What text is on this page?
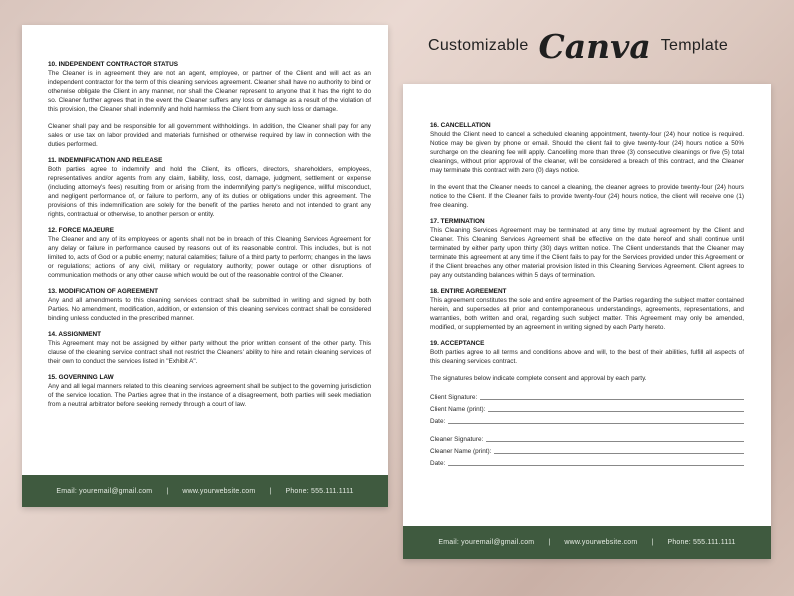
Customizable Canva Template

10. INDEPENDENT CONTRACTOR STATUS

The Cleaner is in agreement they are not an agent, employee, or partner of the Client and will act as an independent contractor for the term of this cleaning services agreement. Cleaner shall have no authority to bind or otherwise obligate the Client in any manner, nor shall the Cleaner represent to anyone that it has the right to do so. Cleaner further agrees that in the event the Cleaner suffers any loss or damage as a result of the violation of this provision, the Cleaner shall indemnify and hold harmless the Client from any such loss or damage.

Cleaner shall pay and be responsible for all government withholdings. In addition, the Cleaner shall pay for any sales or use tax on labor provided and materials furnished or otherwise required by law in connection with the duties performed.

11. INDEMNIFICATION AND RELEASE

Both parties agree to indemnify and hold the Client, its officers, directors, shareholders, employees, representatives and/or agents from any claim, liability, loss, cost, damage, judgment, settlement or expense (including attorney's fees) resulting from or arising from the indemnifying party's negligence, willful misconduct, and negligent performance of, or failure to perform, any of its duties or obligations under this agreement. The provisions of this indemnification are solely for the benefit of the parties hereto and not intended to grant any rights, contractual or otherwise, to another person or entity.

12. FORCE MAJEURE

The Cleaner and any of its employees or agents shall not be in breach of this Cleaning Services Agreement for any delay or failure in performance caused by reasons out of its reasonable control. This includes, but is not limited to, acts of God or a public enemy; natural calamities; failure of a third party to perform; changes in the laws or regulations; actions of any civil, military or regulatory authority; power outage or other disruptions of communication methods or any other cause which would be out of the reasonable control of the Cleaner.

13. MODIFICATION OF AGREEMENT

Any and all amendments to this cleaning services contract shall be submitted in writing and signed by both Parties. No amendment, modification, addition, or extension of this cleaning services contract shall be considered binding unless conducted in the prescribed manner.

14. ASSIGNMENT

This Agreement may not be assigned by either party without the prior written consent of the other party. This clause of the cleaning service contract shall not restrict the Cleaners' ability to hire and retain cleaning services of their own to conduct the services listed in "Exhibit A".

15. GOVERNING LAW

Any and all legal manners related to this cleaning services agreement shall be subject to the governing jurisdiction of the service location. The Parties agree that in the instance of a disagreement, both parties will seek mediation from a neutral arbitrator before seeking remedy through a court of law.

Email: youremail@gmail.com | www.yourwebsite.com | Phone: 555.111.1111

16. CANCELLATION

Should the Client need to cancel a scheduled cleaning appointment, twenty-four (24) hour notice is required. Notice may be given by phone or email. Should the client fail to give twenty-four (24) hours notice a 50% surcharge on the cleaning fee will apply. Cancelling more than three (3) consecutive cleanings or five (5) total cleanings, without prior approval of the cleaner, will be considered a breach of this contract, and the Cleaner may terminate this contract with zero (0) days notice.

In the event that the Cleaner needs to cancel a cleaning, the cleaner agrees to provide twenty-four (24) hours notice to the Client. If the Cleaner fails to provide twenty-four (24) hours notice, the client will receive one (1) free cleaning.

17. TERMINATION

This Cleaning Services Agreement may be terminated at any time by mutual agreement by the Client and Cleaner. This Cleaning Services Agreement shall be effective on the date hereof and shall continue until terminated by either party upon thirty (30) days written notice. The Client understands that the Cleaner may terminate this agreement at any time if the Client fails to pay for the Services provided under this Agreement or if the Client breaches any other material provision listed in this Cleaning Services Agreement. Client agrees to pay any outstanding balances within 5 days of termination.

18. ENTIRE AGREEMENT

This agreement constitutes the sole and entire agreement of the Parties regarding the subject matter contained herein, and supersedes all prior and contemporaneous understandings, agreements, representations, and warranties, both written and oral, regarding such subject matter. This Agreement may only be amended, modified, or supplemented by an agreement in writing signed by each Party hereto.

19. ACCEPTANCE

Both parties agree to all terms and conditions above and will, to the best of their abilities, fulfill all aspects of this cleaning services contract.

The signatures below indicate complete consent and approval by each party.

Client Signature:
Client Name (print):
Date:
Cleaner Signature:
Cleaner Name (print):
Date:
Email: youremail@gmail.com | www.yourwebsite.com | Phone: 555.111.1111
